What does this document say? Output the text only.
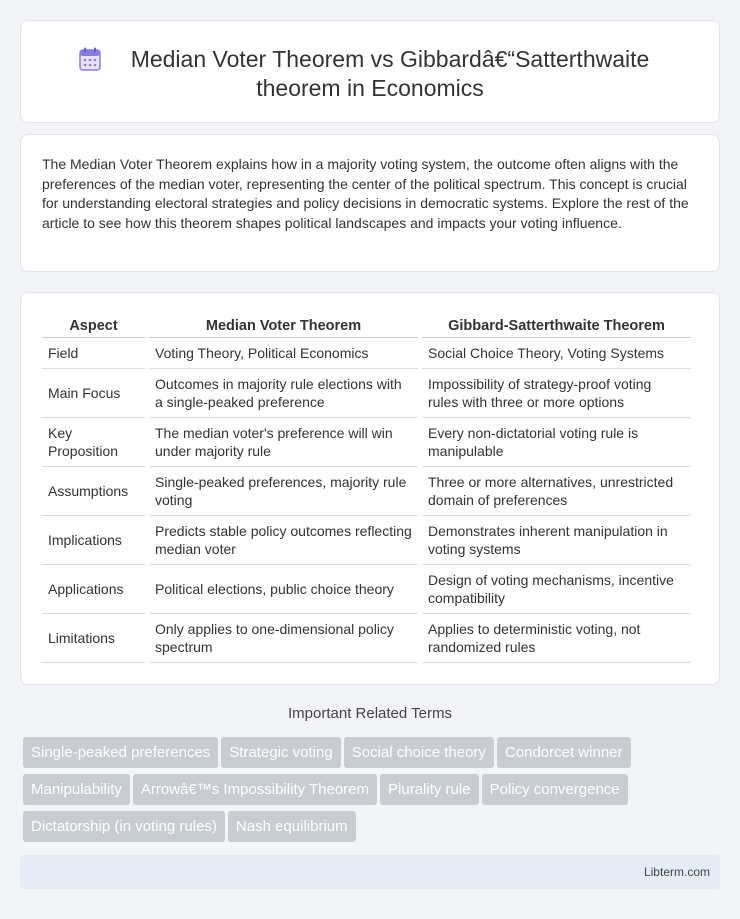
Median Voter Theorem vs Gibbardâ€“Satterthwaite
theorem in Economics

The Median Voter Theorem explains how in a majority voting system, the outcome often aligns with the preferences of the median voter, representing the center of the political spectrum. This concept is crucial for understanding electoral strategies and policy decisions in democratic systems. Explore the rest of the article to see how this theorem shapes political landscapes and impacts your voting influence.

Aspect	Median Voter Theorem	Gibbard-Satterthwaite Theorem
Field	Voting Theory, Political Economics	Social Choice Theory, Voting Systems
Main Focus	Outcomes in majority rule elections with a single-peaked preference	Impossibility of strategy-proof voting rules with three or more options
Key Proposition	The median voter's preference will win under majority rule	Every non-dictatorial voting rule is manipulable
Assumptions	Single-peaked preferences, majority rule voting	Three or more alternatives, unrestricted domain of preferences
Implications	Predicts stable policy outcomes reflecting median voter	Demonstrates inherent manipulation in voting systems
Applications	Political elections, public choice theory	Design of voting mechanisms, incentive compatibility
Limitations	Only applies to one-dimensional policy spectrum	Applies to deterministic voting, not randomized rules
Important Related Terms
Single-peaked preferences Strategic voting Social choice theory Condorcet winner
Manipulability Arrowâ€™s Impossibility Theorem Plurality rule Policy convergence
Dictatorship (in voting rules) Nash equilibrium
Libterm.com
